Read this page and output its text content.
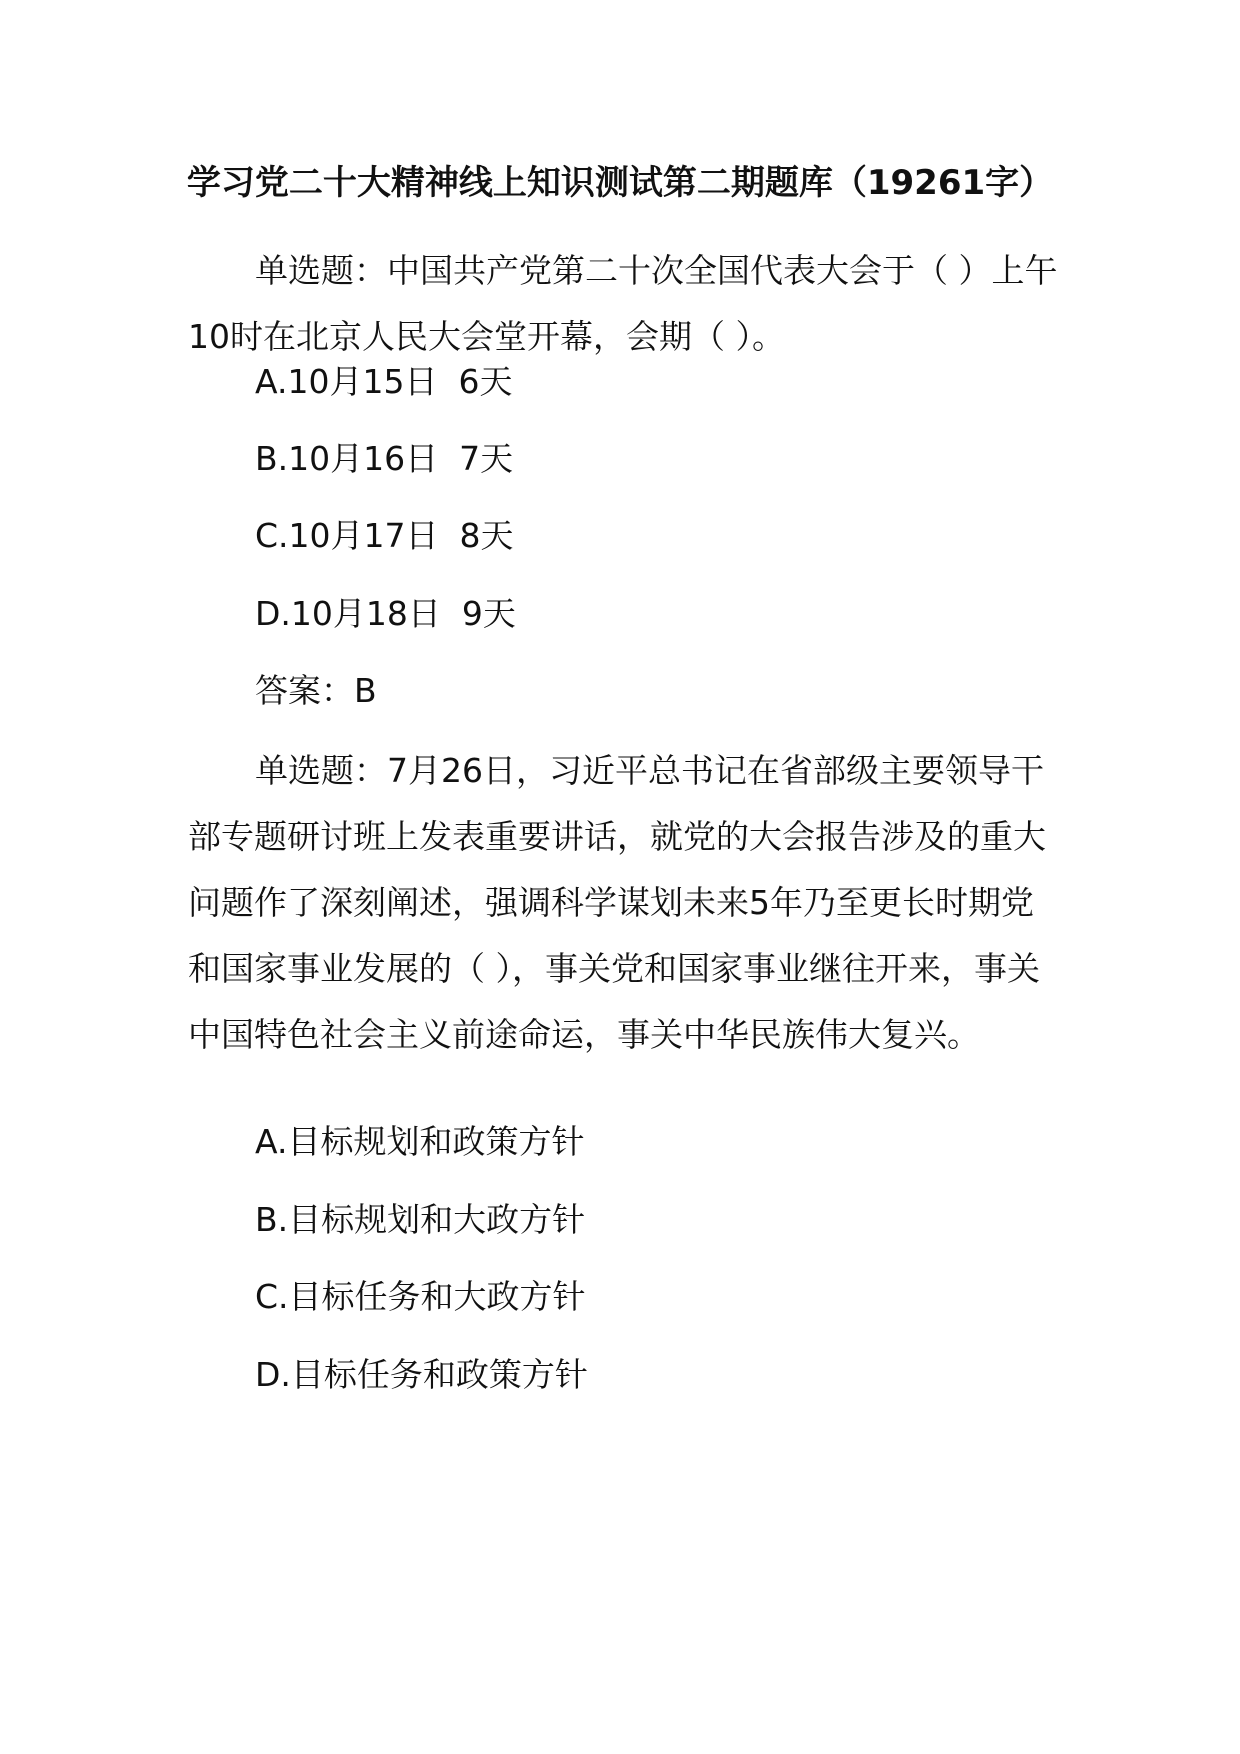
学习党二十大精神线上知识测试第二期题库（19261字）

单选题：中国共产党第二十次全国代表大会于（ ）上午10时在北京人民大会堂开幕，会期（ ）。

A.10月15日  6天

B.10月16日  7天

C.10月17日  8天

D.10月18日  9天

答案：B

单选题：7月26日，习近平总书记在省部级主要领导干部专题研讨班上发表重要讲话，就党的大会报告涉及的重大问题作了深刻阐述，强调科学谋划未来5年乃至更长时期党和国家事业发展的（ ），事关党和国家事业继往开来，事关中国特色社会主义前途命运，事关中华民族伟大复兴。

A.目标规划和政策方针

B.目标规划和大政方针

C.目标任务和大政方针

D.目标任务和政策方针
